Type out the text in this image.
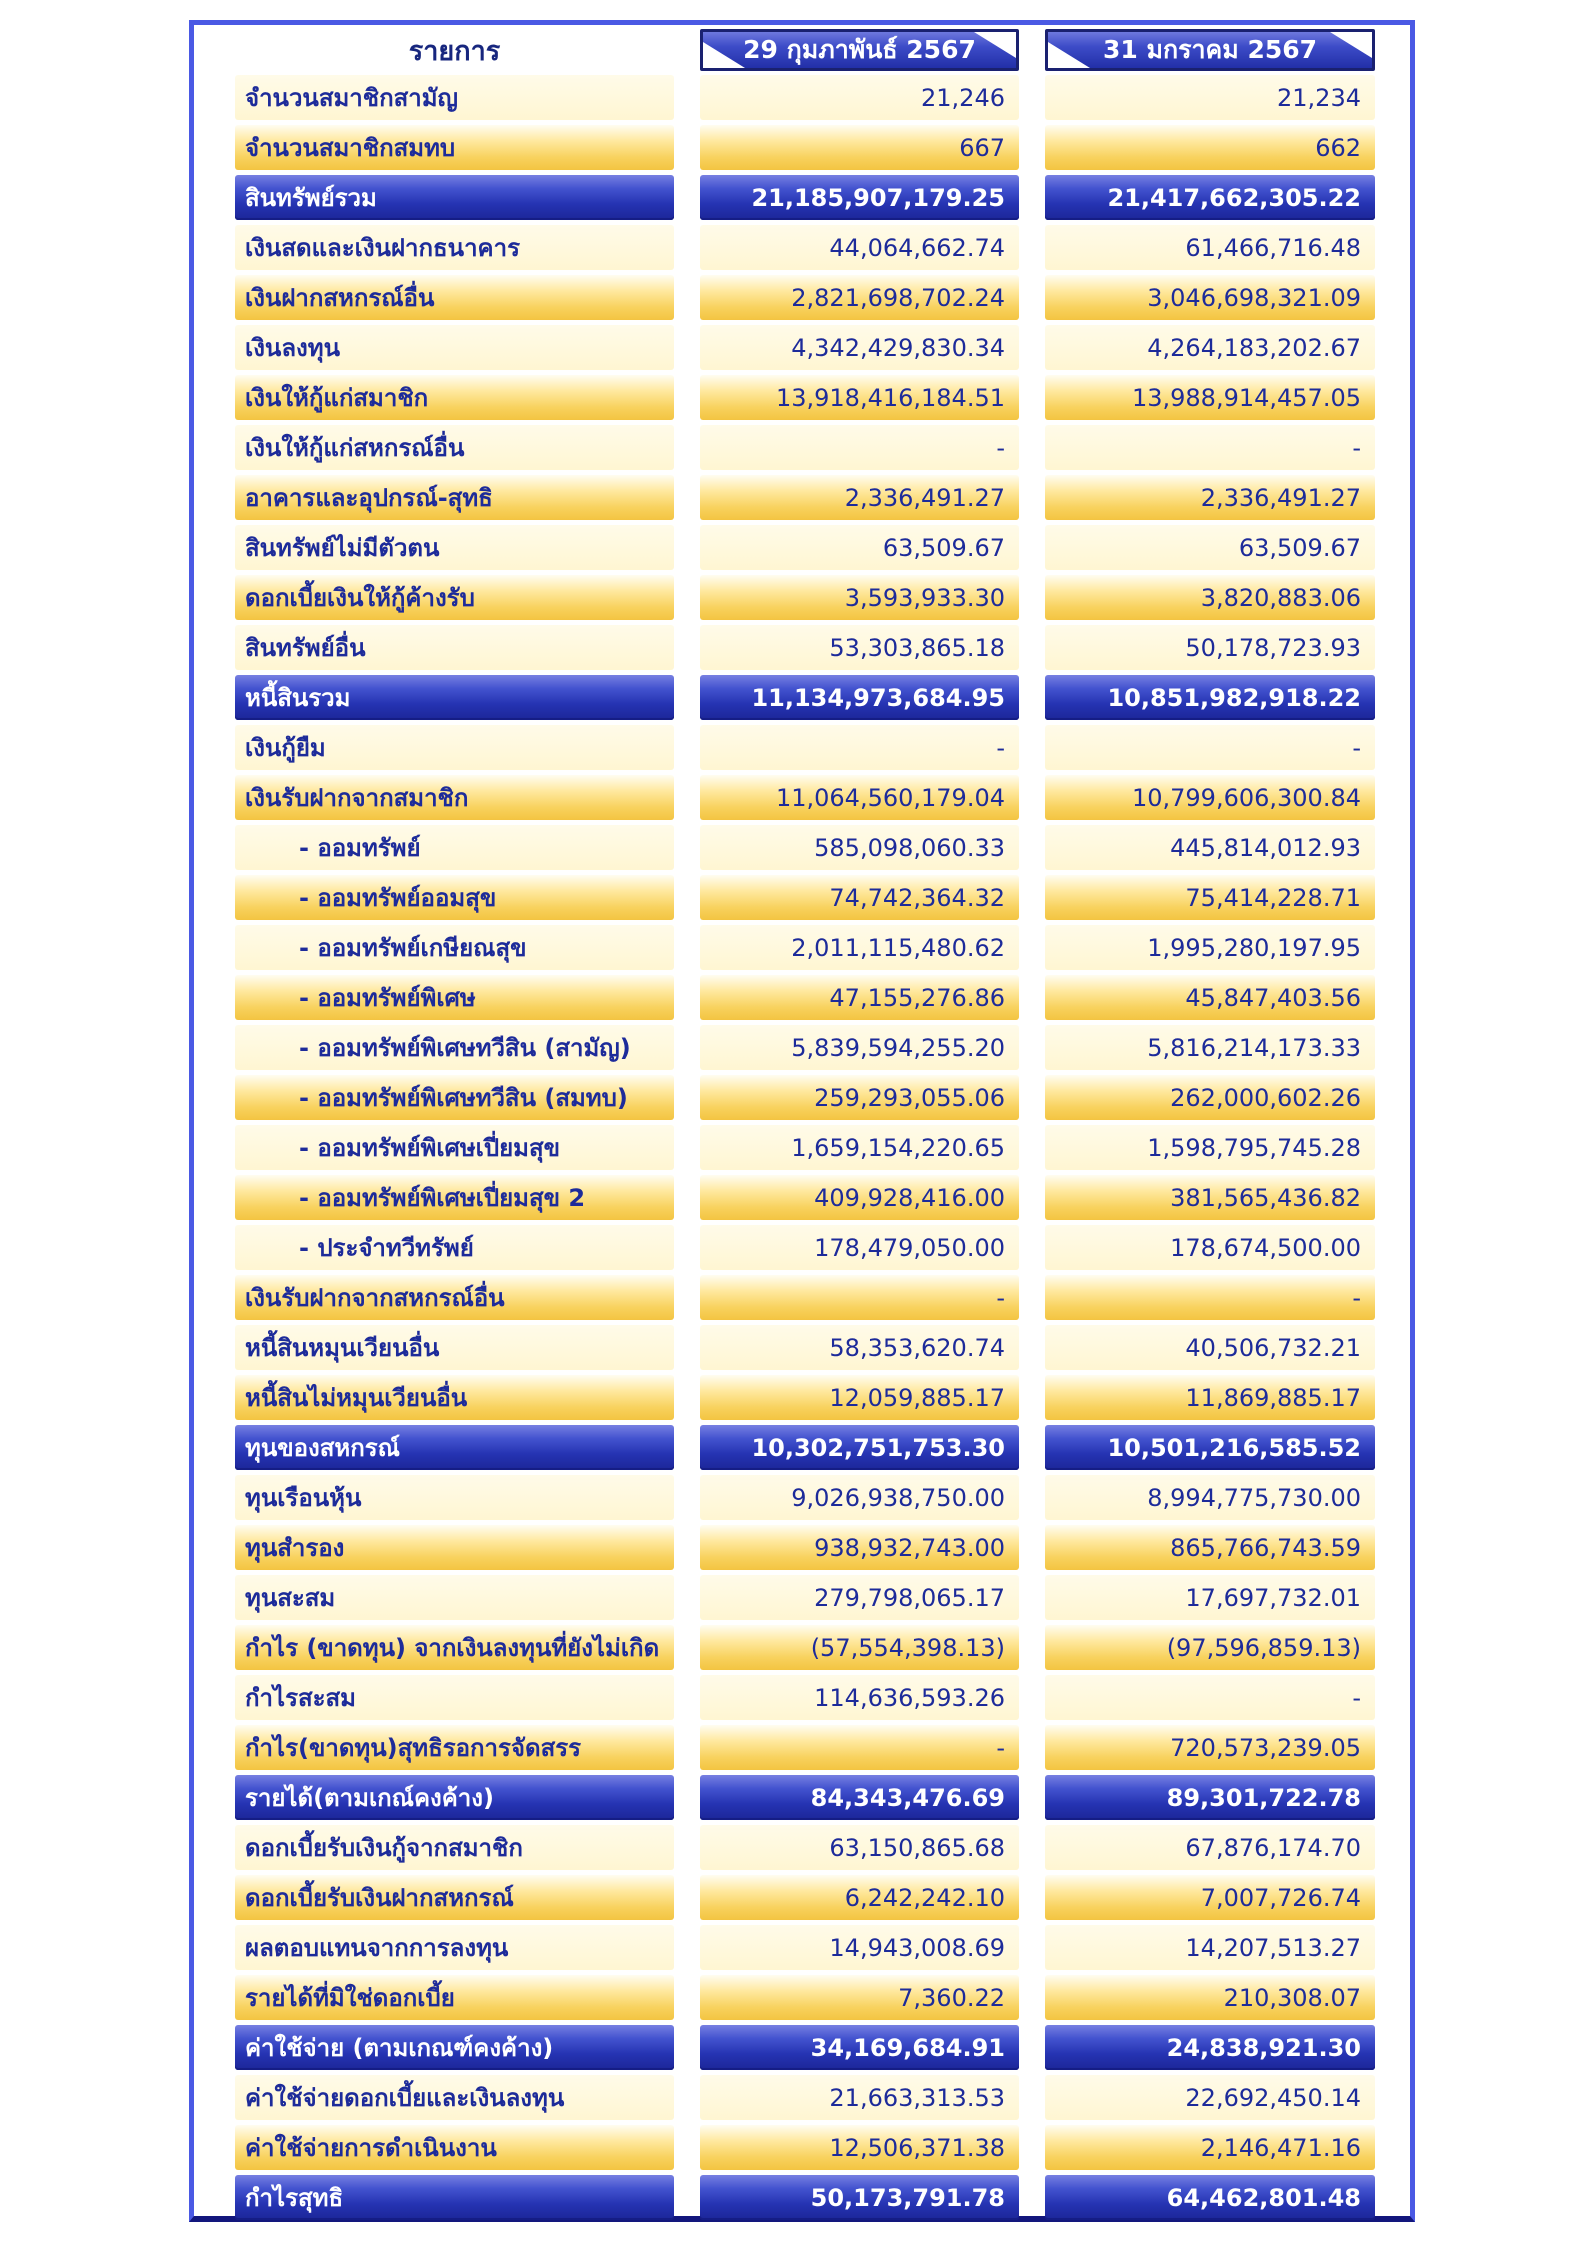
รายการ	29 กุมภาพันธ์ 2567	31 มกราคม 2567
จำนวนสมาชิกสามัญ	21,246	21,234
จำนวนสมาชิกสมทบ	667	662
สินทรัพย์รวม	21,185,907,179.25	21,417,662,305.22
เงินสดและเงินฝากธนาคาร	44,064,662.74	61,466,716.48
เงินฝากสหกรณ์อื่น	2,821,698,702.24	3,046,698,321.09
เงินลงทุน	4,342,429,830.34	4,264,183,202.67
เงินให้กู้แก่สมาชิก	13,918,416,184.51	13,988,914,457.05
เงินให้กู้แก่สหกรณ์อื่น	-	-
อาคารและอุปกรณ์-สุทธิ	2,336,491.27	2,336,491.27
สินทรัพย์ไม่มีตัวตน	63,509.67	63,509.67
ดอกเบี้ยเงินให้กู้ค้างรับ	3,593,933.30	3,820,883.06
สินทรัพย์อื่น	53,303,865.18	50,178,723.93
หนี้สินรวม	11,134,973,684.95	10,851,982,918.22
เงินกู้ยืม	-	-
เงินรับฝากจากสมาชิก	11,064,560,179.04	10,799,606,300.84
- ออมทรัพย์	585,098,060.33	445,814,012.93
- ออมทรัพย์ออมสุข	74,742,364.32	75,414,228.71
- ออมทรัพย์เกษียณสุข	2,011,115,480.62	1,995,280,197.95
- ออมทรัพย์พิเศษ	47,155,276.86	45,847,403.56
- ออมทรัพย์พิเศษทวีสิน (สามัญ)	5,839,594,255.20	5,816,214,173.33
- ออมทรัพย์พิเศษทวีสิน (สมทบ)	259,293,055.06	262,000,602.26
- ออมทรัพย์พิเศษเปี่ยมสุข	1,659,154,220.65	1,598,795,745.28
- ออมทรัพย์พิเศษเปี่ยมสุข 2	409,928,416.00	381,565,436.82
- ประจำทวีทรัพย์	178,479,050.00	178,674,500.00
เงินรับฝากจากสหกรณ์อื่น	-	-
หนี้สินหมุนเวียนอื่น	58,353,620.74	40,506,732.21
หนี้สินไม่หมุนเวียนอื่น	12,059,885.17	11,869,885.17
ทุนของสหกรณ์	10,302,751,753.30	10,501,216,585.52
ทุนเรือนหุ้น	9,026,938,750.00	8,994,775,730.00
ทุนสำรอง	938,932,743.00	865,766,743.59
ทุนสะสม	279,798,065.17	17,697,732.01
กำไร (ขาดทุน) จากเงินลงทุนที่ยังไม่เกิด	(57,554,398.13)	(97,596,859.13)
กำไรสะสม	114,636,593.26	-
กำไร(ขาดทุน)สุทธิรอการจัดสรร	-	720,573,239.05
รายได้(ตามเกณ์คงค้าง)	84,343,476.69	89,301,722.78
ดอกเบี้ยรับเงินกู้จากสมาชิก	63,150,865.68	67,876,174.70
ดอกเบี้ยรับเงินฝากสหกรณ์	6,242,242.10	7,007,726.74
ผลตอบแทนจากการลงทุน	14,943,008.69	14,207,513.27
รายได้ที่มิใช่ดอกเบี้ย	7,360.22	210,308.07
ค่าใช้จ่าย (ตามเกณฑ์คงค้าง)	34,169,684.91	24,838,921.30
ค่าใช้จ่ายดอกเบี้ยและเงินลงทุน	21,663,313.53	22,692,450.14
ค่าใช้จ่ายการดำเนินงาน	12,506,371.38	2,146,471.16
กำไรสุทธิ	50,173,791.78	64,462,801.48
